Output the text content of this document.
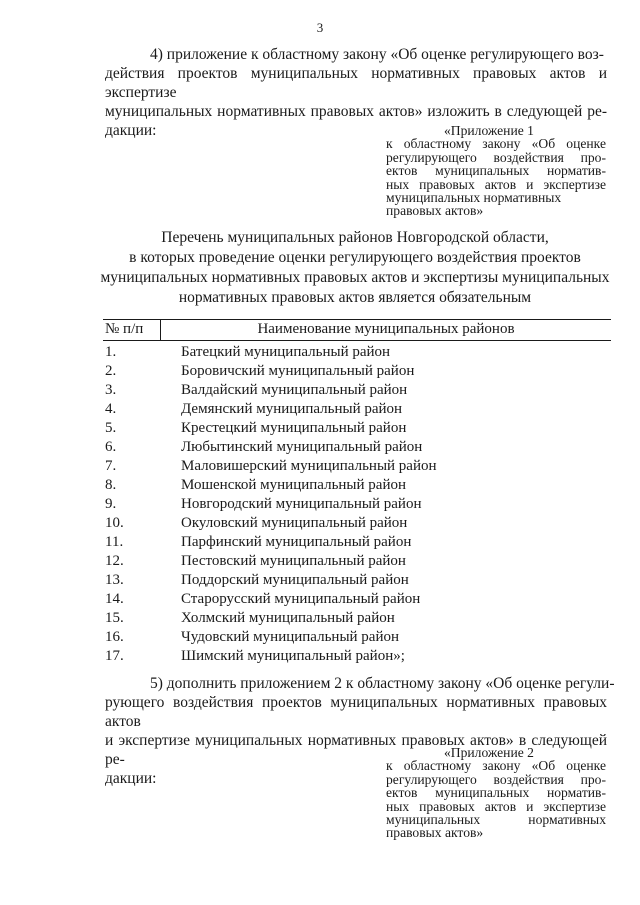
3
4) приложение к областному закону «Об оценке регулирующего воз-
действия проектов муниципальных нормативных правовых актов и экспертизе
муниципальных нормативных правовых актов» изложить в следующей ре-
дакции:	«Приложение 1
к областному закону «Об оценке
регулирующего воздействия про-
ектов муниципальных норматив-
ных правовых актов и экспертизе
муниципальных нормативных
правовых актов»
Перечень муниципальных районов Новгородской области,
в которых проведение оценки регулирующего воздействия проектов
муниципальных нормативных правовых актов и экспертизы муниципальных
нормативных правовых актов является обязательным
№ п/п	Наименование муниципальных районов
1.	Батецкий муниципальный район
2.	Боровичский муниципальный район
3.	Валдайский муниципальный район
4.	Демянский муниципальный район
5.	Крестецкий муниципальный район
6.	Любытинский муниципальный район
7.	Маловишерский муниципальный район
8.	Мошенской муниципальный район
9.	Новгородский муниципальный район
10.	Окуловский муниципальный район
11.	Парфинский муниципальный район
12.	Пестовский муниципальный район
13.	Поддорский муниципальный район
14.	Старорусский муниципальный район
15.	Холмский муниципальный район
16.	Чудовский муниципальный район
17.	Шимский муниципальный район»;
5) дополнить приложением 2 к областному закону «Об оценке регули-
рующего воздействия проектов муниципальных нормативных правовых актов
и экспертизе муниципальных нормативных правовых актов» в следующей ре-
дакции:
«Приложение 2
к областному закону «Об оценке
регулирующего воздействия про-
ектов муниципальных норматив-
ных правовых актов и экспертизе
муниципальных нормативных
правовых актов»
